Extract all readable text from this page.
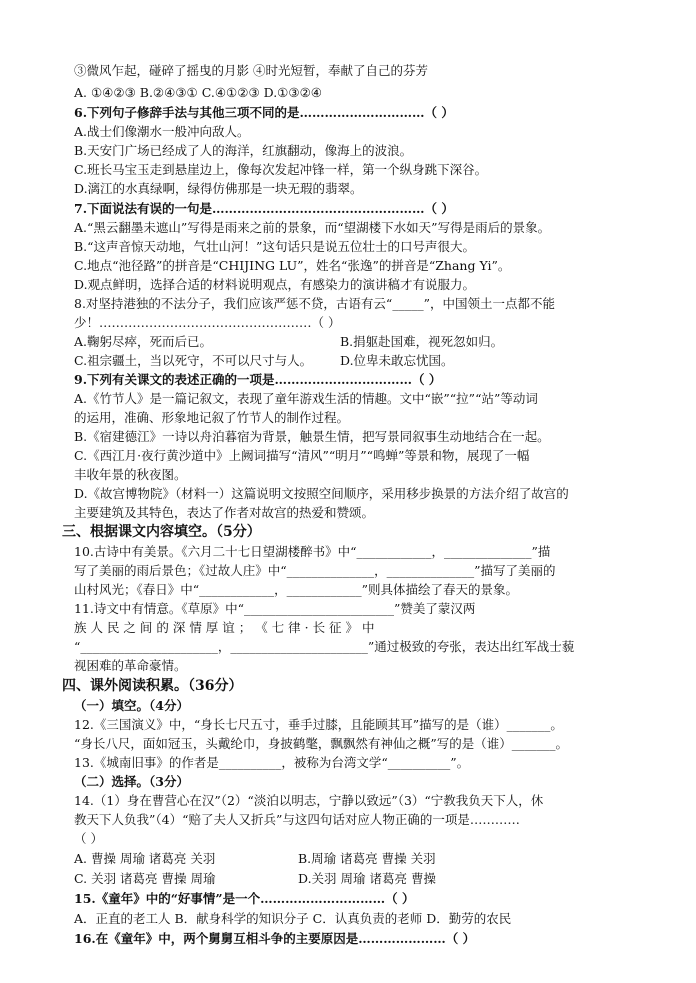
③微风乍起，碰碎了摇曳的月影 ④时光短暂，奉献了自己的芬芳
A. ①④②③ B.②④③① C.④①②③ D.①③②④
6.下列句子修辞手法与其他三项不同的是…………………………（ ）
A.战士们像潮水一般冲向敌人。
B.天安门广场已经成了人的海洋，红旗翻动，像海上的波浪。
C.班长马宝玉走到悬崖边上，像每次发起冲锋一样，第一个纵身跳下深谷。
D.漓江的水真绿啊，绿得仿佛那是一块无瑕的翡翠。
7.下面说法有误的一句是……………………………………………（ ）
A.“黑云翻墨未遮山”写得是雨来之前的景象，而“望湖楼下水如天”写得是雨后的景象。
B.“这声音惊天动地，气壮山河！”这句话只是说五位壮士的口号声很大。
C.地点“池径路”的拼音是“CHIJING LU”，姓名“张逸”的拼音是“Zhang Yi”。
D.观点鲜明，选择合适的材料说明观点，有感染力的演讲稿才有说服力。
8.对坚持港独的不法分子，我们应该严惩不贷，古语有云“_____”，中国领土一点都不能
少！……………………………………………（ ）
A.鞠躬尽瘁，死而后已。	B.捐躯赴国难，视死忽如归。
C.祖宗疆土，当以死守，不可以尺寸与人。 D.位卑未敢忘忧国。
9.下列有关课文的表述正确的一项是……………………………（ ）
A.《竹节人》是一篇记叙文，表现了童年游戏生活的情趣。文中“嵌”“拉”“站”等动词
的运用，准确、形象地记叙了竹节人的制作过程。
B.《宿建德江》一诗以舟泊暮宿为背景，触景生情，把写景同叙事生动地结合在一起。
C.《西江月·夜行黄沙道中》上阙词描写“清风”“明月”“鸣蝉”等景和物，展现了一幅
丰收年景的秋夜图。
D.《故宫博物院》（材料一）这篇说明文按照空间顺序，采用移步换景的方法介绍了故宫的
主要建筑及其特色，表达了作者对故宫的热爱和赞颂。
三、根据课文内容填空。（5分）
10.古诗中有美景。《六月二十七日望湖楼醉书》中“____________，______________”描
写了美丽的雨后景色；《过故人庄》中“______________，______________”描写了美丽的
山村风光；《春日》中“____________，____________”则具体描绘了春天的景象。
11.诗文中有情意。《草原》中“________________________”赞美了蒙汉两
族 人 民 之 间 的 深 情 厚 谊 ； 《 七 律 · 长 征 》 中
“______________________，______________________”通过极致的夸张，表达出红军战士藐
视困难的革命豪情。
四、课外阅读积累。（36分）
（一）填空。（4分）
12.《三国演义》中，“身长七尺五寸，垂手过膝，且能顾其耳”描写的是（谁）_______。
“身长八尺，面如冠玉，头戴纶巾，身披鹤氅，飘飘然有神仙之概”写的是（谁）_______。
13.《城南旧事》的作者是__________，被称为台湾文学“__________”。
（二）选择。（3分）
14.（1）身在曹营心在汉”（2）“淡泊以明志，宁静以致远”（3）“宁教我负天下人，休
教天下人负我”（4）“赔了夫人又折兵”与这四句话对应人物正确的一项是…………
（ ）
A. 曹操 周瑜 诸葛亮 关羽	B.周瑜 诸葛亮 曹操 关羽
C. 关羽 诸葛亮 曹操 周瑜	D.关羽 周瑜 诸葛亮 曹操
15.《童年》中的“好事情”是一个…………………………（ ）
A．正直的老工人 B．献身科学的知识分子 C．认真负责的老师 D．勤劳的农民
16.在《童年》中，两个舅舅互相斗争的主要原因是…………………（ ）
